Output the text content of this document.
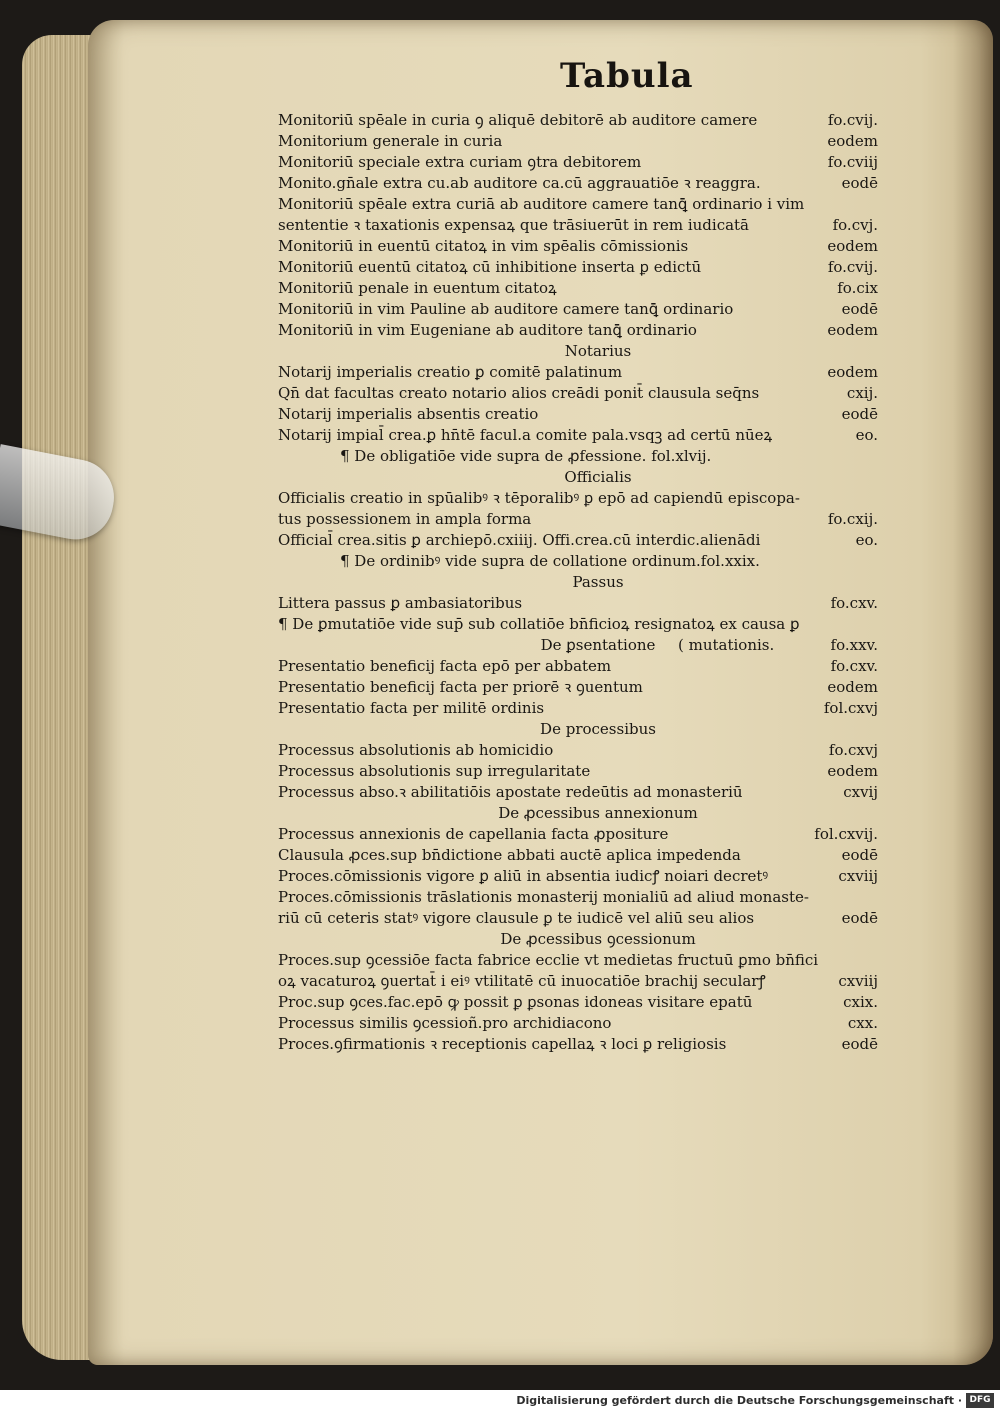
Tabula
Monitoriū spēale in curia ꝯ aliquē debitorē ab auditore camere	fo.cvij.
Monitorium generale in curia	eodem
Monitoriū speciale extra curiam ꝯtra debitorem	fo.cviij
Monito.gn̄ale extra cu.ab auditore ca.cū aggrauatiōe ꝛ reaggra.	eodē
Monitoriū spēale extra curiā ab auditore camere tanꝗ̄ ordinario i vim
sententie ꝛ taxationis expensaꝝ que trāsiuerūt in rem iudicatā	fo.cvj.
Monitoriū in euentū citatoꝝ in vim spēalis cōmissionis	eodem
Monitoriū euentū citatoꝝ cū inhibitione inserta ꝑ edictū	fo.cvij.
Monitoriū penale in euentum citatoꝝ	fo.cix
Monitoriū in vim Pauline ab auditore camere tanꝗ̄ ordinario	eodē
Monitoriū in vim Eugeniane ab auditore tanꝗ̄ ordinario	eodem
Notarius
Notarij imperialis creatio ꝑ comitē palatinum	eodem
Qn̄ dat facultas creato notario alios creādi ponit̄ clausula seq̄ns	cxij.
Notarij imperialis absentis creatio	eodē
Notarij impial̄ crea.ꝑ hn̄tē facul.a comite pala.vsqꝫ ad certū nūeꝝ	eo.
¶ De obligatiōe vide supra de ꝓfessione. fol.xlvij.
Officialis
Officialis creatio in spūalibꝰ ꝛ tēporalibꝰ ꝑ epō ad capiendū episcopa-
tus possessionem in ampla forma	fo.cxij.
Official̄ crea.sitis ꝑ archiepō.cxiiij. Offi.crea.cū interdic.alienādi	eo.
¶ De ordinibꝰ vide supra de collatione ordinum.fol.xxix.
Passus
Littera passus ꝑ ambasiatoribus	fo.cxv.
¶ De ꝑmutatiōe vide sup̄ sub collatiōe bn̄ficioꝝ resignatoꝝ ex causa ꝑ
De ꝑsentatione ( mutationis.	fo.xxv.
Presentatio beneficij facta epō per abbatem	fo.cxv.
Presentatio beneficij facta per priorē ꝛ ꝯuentum	eodem
Presentatio facta per militē ordinis	fol.cxvj
De processibus
Processus absolutionis ab homicidio	fo.cxvj
Processus absolutionis sup irregularitate	eodem
Processus abso.ꝛ abilitatiōis apostate redeūtis ad monasteriū	cxvij
De ꝓcessibus annexionum
Processus annexionis de capellania facta ꝓpositure	fol.cxvij.
Clausula ꝓces.sup bn̄dictione abbati auctē aplica impedenda	eodē
Proces.cōmissionis vigore ꝑ aliū in absentia iudicꝭ noiari decretꝰ	cxviij
Proces.cōmissionis trāslationis monasterij monialiū ad aliud monaste-
riū cū ceteris statꝰ vigore clausule ꝑ te iudicē vel aliū seu alios	eodē
De ꝓcessibus ꝯcessionum
Proces.sup ꝯcessiōe facta fabrice ecclie vt medietas fructuū ꝑmo bn̄fici
oꝝ vacaturoꝝ ꝯuertat̄ i eiꝰ vtilitatē cū inuocatiōe brachij secularꝭ	cxviij
Proc.sup ꝯces.fac.epō ꝙ possit ꝑ ꝑsonas idoneas visitare epatū	cxix.
Processus similis ꝯcessioñ.pro archidiacono	cxx.
Proces.ꝯfirmationis ꝛ receptionis capellaꝝ ꝛ loci ꝑ religiosis	eodē
Digitalisierung gefördert durch die Deutsche Forschungsgemeinschaft · DFG
